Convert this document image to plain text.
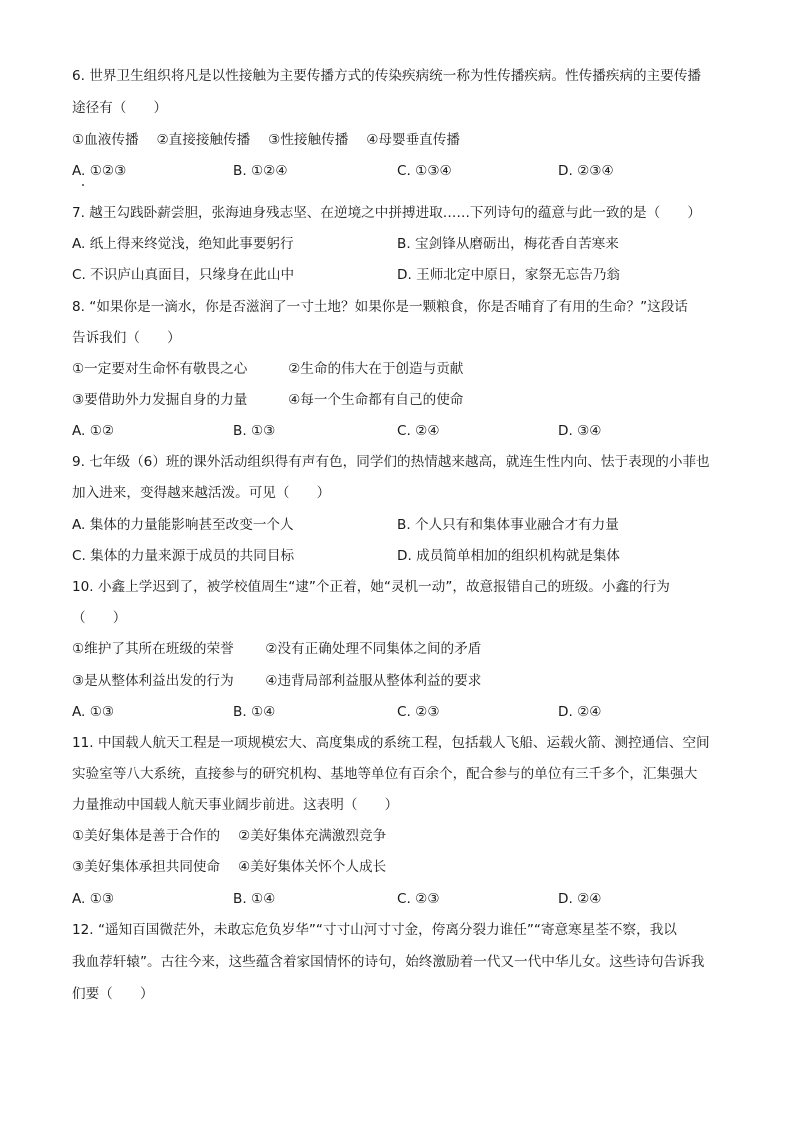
6. 世界卫生组织将凡是以性接触为主要传播方式的传染疾病统一称为性传播疾病。性传播疾病的主要传播
途径有（　　）
①血液传播　 ②直接接触传播　 ③性接触传播　 ④母婴垂直传播
A. ①②③	B. ①②④	C. ①③④	D. ②③④
7. 越王勾践卧薪尝胆，张海迪身残志坚、在逆境之中拼搏进取……下列诗句的蕴意与此一致的是（　　）
A. 纸上得来终觉浅，绝知此事要躬行	B. 宝剑锋从磨砺出，梅花香自苦寒来
C. 不识庐山真面目，只缘身在此山中	D. 王师北定中原日，家祭无忘告乃翁
8. “如果你是一滴水，你是否滋润了一寸土地？如果你是一颗粮食，你是否哺育了有用的生命？”这段话
告诉我们（　　）
①一定要对生命怀有敬畏之心　　　②生命的伟大在于创造与贡献
③要借助外力发掘自身的力量　　　④每一个生命都有自己的使命
A. ①②	B. ①③	C. ②④	D. ③④
9. 七年级（6）班的课外活动组织得有声有色，同学们的热情越来越高，就连生性内向、怯于表现的小菲也
加入进来，变得越来越活泼。可见（　　）
A. 集体的力量能影响甚至改变一个人	B. 个人只有和集体事业融合才有力量
C. 集体的力量来源于成员的共同目标	D. 成员简单相加的组织机构就是集体
10. 小鑫上学迟到了，被学校值周生“逮”个正着，她“灵机一动”，故意报错自己的班级。小鑫的行为
（　　）
①维护了其所在班级的荣誉　　 ②没有正确处理不同集体之间的矛盾
③是从整体利益出发的行为　　 ④违背局部利益服从整体利益的要求
A. ①③	B. ①④	C. ②③	D. ②④
11. 中国载人航天工程是一项规模宏大、高度集成的系统工程，包括载人飞船、运载火箭、测控通信、空间
实验室等八大系统，直接参与的研究机构、基地等单位有百余个，配合参与的单位有三千多个，汇集强大
力量推动中国载人航天事业阔步前进。这表明（　　）
①美好集体是善于合作的　 ②美好集体充满激烈竞争
③美好集体承担共同使命　 ④美好集体关怀个人成长
A. ①③	B. ①④	C. ②③	D. ②④
12. “遥知百国微茫外，未敢忘危负岁华”“寸寸山河寸寸金，侉离分裂力谁任”“寄意寒星荃不察，我以
我血荐轩辕”。古往今来，这些蕴含着家国情怀的诗句，始终激励着一代又一代中华儿女。这些诗句告诉我
们要（　　）
